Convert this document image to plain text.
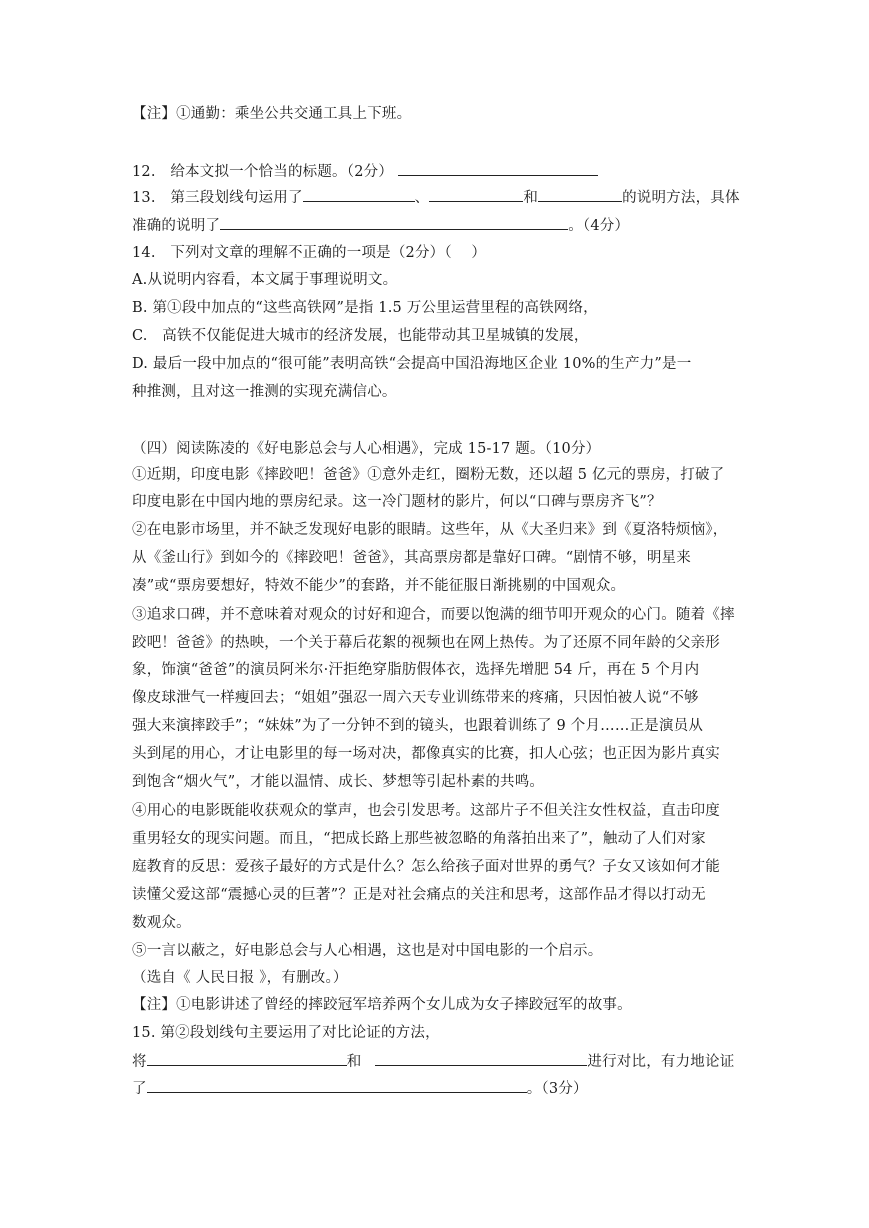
【注】①通勤：乘坐公共交通工具上下班。
12.　给本文拟一个恰当的标题。（2分）
13.　第三段划线句运用了	、	和	的说明方法，具体
准确的说明了	。（4分）
14.　下列对文章的理解不正确的一项是（2分）（　 ）
A.从说明内容看，本文属于事理说明文。
B. 第①段中加点的“这些高铁网”是指 1.5 万公里运营里程的高铁网络，
C.　高铁不仅能促进大城市的经济发展，也能带动其卫星城镇的发展，
D. 最后一段中加点的“很可能”表明高铁“会提高中国沿海地区企业 10%的生产力”是一
种推测，且对这一推测的实现充满信心。
（四）阅读陈凌的《好电影总会与人心相遇》，完成 15-17 题。（10分）
①近期，印度电影《摔跤吧！爸爸》①意外走红，圈粉无数，还以超 5 亿元的票房，打破了
印度电影在中国内地的票房纪录。这一冷门题材的影片，何以“口碑与票房齐飞”？
②在电影市场里，并不缺乏发现好电影的眼睛。这些年，从《大圣归来》到《夏洛特烦恼》，
从《釜山行》到如今的《摔跤吧！爸爸》，其高票房都是靠好口碑。“剧情不够，明星来
凑”或“票房要想好，特效不能少”的套路，并不能征服日渐挑剔的中国观众。
③追求口碑，并不意味着对观众的讨好和迎合，而要以饱满的细节叩开观众的心门。随着《摔
跤吧！爸爸》的热映，一个关于幕后花絮的视频也在网上热传。为了还原不同年龄的父亲形
象，饰演“爸爸”的演员阿米尔·汗拒绝穿脂肪假体衣，选择先增肥 54 斤，再在 5 个月内
像皮球泄气一样瘦回去；“姐姐”强忍一周六天专业训练带来的疼痛，只因怕被人说“不够
强大来演摔跤手”；“妹妹”为了一分钟不到的镜头，也跟着训练了 9 个月……正是演员从
头到尾的用心，才让电影里的每一场对决，都像真实的比赛，扣人心弦；也正因为影片真实
到饱含“烟火气”，才能以温情、成长、梦想等引起朴素的共鸣。
④用心的电影既能收获观众的掌声，也会引发思考。这部片子不但关注女性权益，直击印度
重男轻女的现实问题。而且，“把成长路上那些被忽略的角落拍出来了”，触动了人们对家
庭教育的反思：爱孩子最好的方式是什么？怎么给孩子面对世界的勇气？子女又该如何才能
读懂父爱这部“震撼心灵的巨著”？正是对社会痛点的关注和思考，这部作品才得以打动无
数观众。
⑤一言以蔽之，好电影总会与人心相遇，这也是对中国电影的一个启示。
（选自《 人民日报 》，有删改。）
【注】①电影讲述了曾经的摔跤冠军培养两个女儿成为女子摔跤冠军的故事。
15. 第②段划线句主要运用了对比论证的方法，
将	和	进行对比，有力地论证
了	。（3分）
